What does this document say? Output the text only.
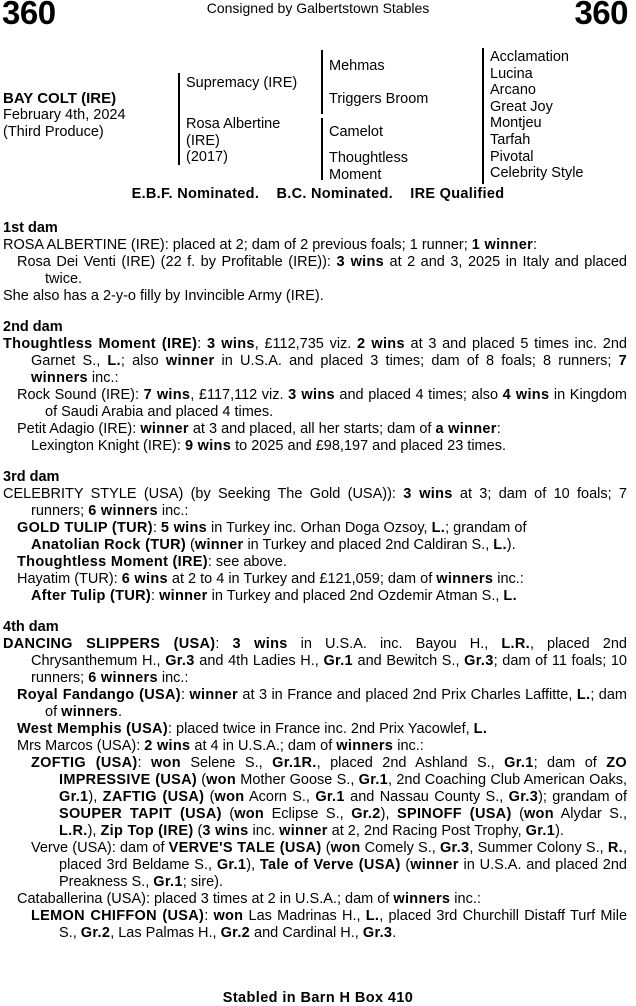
360	Consigned by Galbertstown Stables	360
BAY COLT (IRE)
February 4th, 2024
(Third Produce)
Supremacy (IRE)
Rosa Albertine
(IRE)
(2017)
Mehmas
Triggers Broom
Camelot
Thoughtless
Moment
Acclamation
Lucina
Arcano
Great Joy
Montjeu
Tarfah
Pivotal
Celebrity Style
E.B.F. Nominated.    B.C. Nominated.    IRE Qualified
1st dam
ROSA ALBERTINE (IRE): placed at 2; dam of 2 previous foals; 1 runner; 1 winner:
Rosa Dei Venti (IRE) (22 f. by Profitable (IRE)): 3 wins at 2 and 3, 2025 in Italy and placed twice.
She also has a 2-y-o filly by Invincible Army (IRE).
2nd dam
Thoughtless Moment (IRE): 3 wins, £112,735 viz. 2 wins at 3 and placed 5 times inc. 2nd Garnet S., L.; also winner in U.S.A. and placed 3 times; dam of 8 foals; 8 runners; 7 winners inc.:
Rock Sound (IRE): 7 wins, £117,112 viz. 3 wins and placed 4 times; also 4 wins in Kingdom of Saudi Arabia and placed 4 times.
Petit Adagio (IRE): winner at 3 and placed, all her starts; dam of a winner:
Lexington Knight (IRE): 9 wins to 2025 and £98,197 and placed 23 times.
3rd dam
CELEBRITY STYLE (USA) (by Seeking The Gold (USA)): 3 wins at 3; dam of 10 foals; 7 runners; 6 winners inc.:
GOLD TULIP (TUR): 5 wins in Turkey inc. Orhan Doga Ozsoy, L.; grandam of
Anatolian Rock (TUR) (winner in Turkey and placed 2nd Caldiran S., L.).
Thoughtless Moment (IRE): see above.
Hayatim (TUR): 6 wins at 2 to 4 in Turkey and £121,059; dam of winners inc.:
After Tulip (TUR): winner in Turkey and placed 2nd Ozdemir Atman S., L.
4th dam
DANCING SLIPPERS (USA): 3 wins in U.S.A. inc. Bayou H., L.R., placed 2nd Chrysanthemum H., Gr.3 and 4th Ladies H., Gr.1 and Bewitch S., Gr.3; dam of 11 foals; 10 runners; 6 winners inc.:
Royal Fandango (USA): winner at 3 in France and placed 2nd Prix Charles Laffitte, L.; dam of winners.
West Memphis (USA): placed twice in France inc. 2nd Prix Yacowlef, L.
Mrs Marcos (USA): 2 wins at 4 in U.S.A.; dam of winners inc.:
ZOFTIG (USA): won Selene S., Gr.1R., placed 2nd Ashland S., Gr.1; dam of ZO IMPRESSIVE (USA) (won Mother Goose S., Gr.1, 2nd Coaching Club American Oaks, Gr.1), ZAFTIG (USA) (won Acorn S., Gr.1 and Nassau County S., Gr.3); grandam of SOUPER TAPIT (USA) (won Eclipse S., Gr.2), SPINOFF (USA) (won Alydar S., L.R.), Zip Top (IRE) (3 wins inc. winner at 2, 2nd Racing Post Trophy, Gr.1).
Verve (USA): dam of VERVE'S TALE (USA) (won Comely S., Gr.3, Summer Colony S., R., placed 3rd Beldame S., Gr.1), Tale of Verve (USA) (winner in U.S.A. and placed 2nd Preakness S., Gr.1; sire).
Cataballerina (USA): placed 3 times at 2 in U.S.A.; dam of winners inc.:
LEMON CHIFFON (USA): won Las Madrinas H., L., placed 3rd Churchill Distaff Turf Mile S., Gr.2, Las Palmas H., Gr.2 and Cardinal H., Gr.3.
Stabled in Barn H Box 410
